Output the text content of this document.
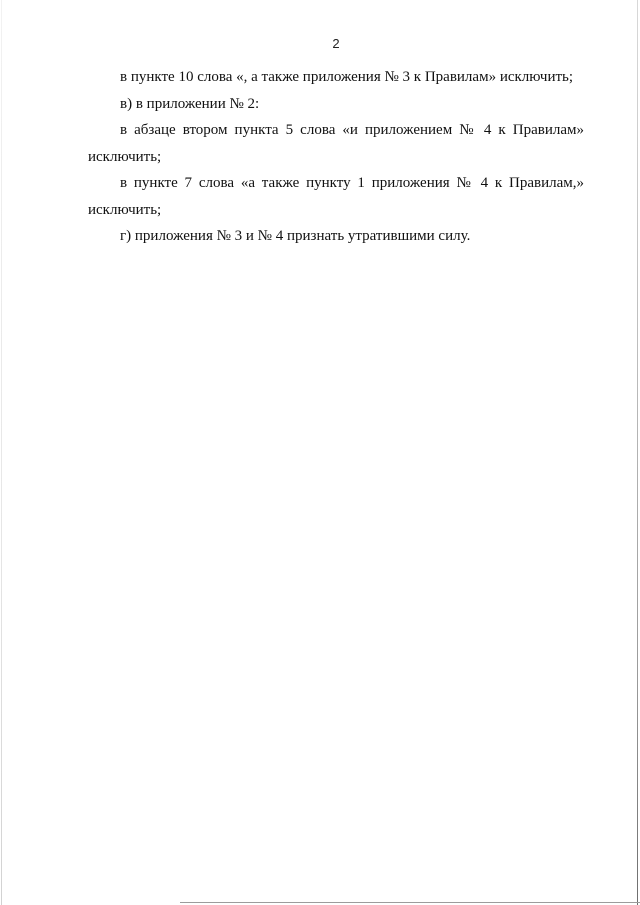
2

в пункте 10 слова «, а также приложения № 3 к Правилам» исключить;

в) в приложении № 2:

в абзаце втором пункта 5 слова «и приложением № 4 к Правилам» исключить;

в пункте 7 слова «а также пункту 1 приложения № 4 к Правилам,» исключить;

г) приложения № 3 и № 4 признать утратившими силу.
